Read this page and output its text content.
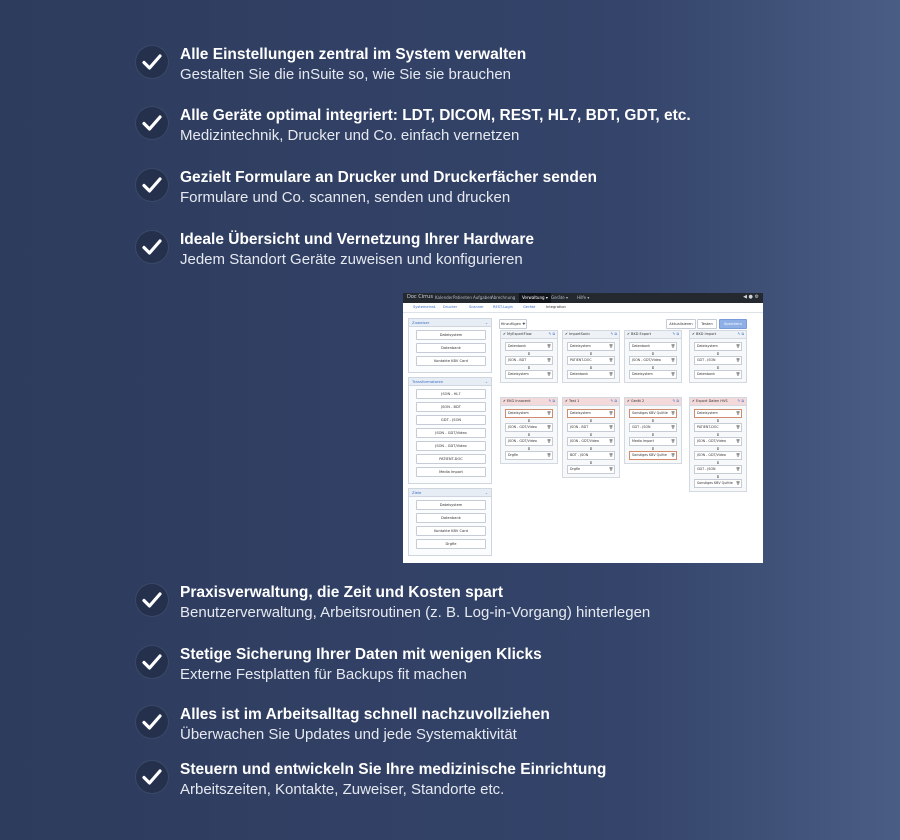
Alle Einstellungen zentral im System verwalten
Gestalten Sie die inSuite so, wie Sie sie brauchen
Alle Geräte optimal integriert: LDT, DICOM, REST, HL7, BDT, GDT, etc.
Medizintechnik, Drucker und Co. einfach vernetzen
Gezielt Formulare an Drucker und Druckerfächer senden
Formulare und Co. scannen, senden und drucken
Ideale Übersicht und Vernetzung Ihrer Hardware
Jedem Standort Geräte zuweisen und konfigurieren
Doc Cirrus Kalender Patienten Aufgaben
Abrechnung	Verwaltung ▾ Geräte ▾ Hilfe ▾	◀ ● ⚙
Systemeinst. Drucker	Scanner	REST-Login	Geräte	Integration
Zuweiser	⌄
Dateisystem
Datenbank
Kontakte KBV Card
Transformatoren	⌄
JSON - HL7
JSON - BDT
GDT - JSON
JSON - GDT/Video
JSON - GDT/Video
PATIENT-DOC
Media Import
Ziele	⌄
Dateisystem
Datenbank
Kontakte KBV Card
Drgfle
Hinzufügen ✚	Aktualisieren	Testen	Speichern
✔ MyExportFlow	✎ ⧉
Datenbank	🗑
⬇
JSON - BDT	🗑
⬇
Dateisystem	🗑
✔ ImportSonic	✎ ⧉
Dateisystem	🗑
⬇
PATIENT-DOC	🗑
⬇
Datenbank	🗑
✔ BKD Export	✎ ⧉
Datenbank	🗑
⬇
JSON - GDT/Video	🗑
⬇
Dateisystem	🗑
✔ BKD Import	✎ ⧉
Dateisystem	🗑
⬇
GDT - JSON	🗑
⬇
Datenbank	🗑
✔ EKG Innocent	✎ ⧉
Dateisystem	🗑
⬇
JSON - GDT/Video	🗑
⬇
JSON - GDT/Video	🗑
⬇
Drgfle	🗑
✔ Test 1	✎ ⧉
Dateisystem	🗑
⬇
JSON - BDT	🗑
⬇
JSON - GDT/Video	🗑
⬇
BDT - JSON	🗑
⬇
Drgfle	🗑
✔ Gerät 2	✎ ⧉
Sonstiges KBV Quittie 🗑
⬇
GDT - JSON	🗑
⬇
Media Import	🗑
⬇
Sonstiges KBV Quitte 🗑
✔ Export Daten HVS	✎ ⧉
Dateisystem	🗑
⬇
PATIENT-DOC	🗑
⬇
JSON - GDT/Video	🗑
⬇
JSON - GDT/Video	🗑
⬇
GDT - JSON	🗑
⬇
Sonstiges KBV Quittie 🗑
Praxisverwaltung, die Zeit und Kosten spart
Benutzerverwaltung, Arbeitsroutinen (z. B. Log-in-Vorgang) hinterlegen
Stetige Sicherung Ihrer Daten mit wenigen Klicks
Externe Festplatten für Backups fit machen
Alles ist im Arbeitsalltag schnell nachzuvollziehen
Überwachen Sie Updates und jede Systemaktivität
Steuern und entwickeln Sie Ihre medizinische Einrichtung
Arbeitszeiten, Kontakte, Zuweiser, Standorte etc.
